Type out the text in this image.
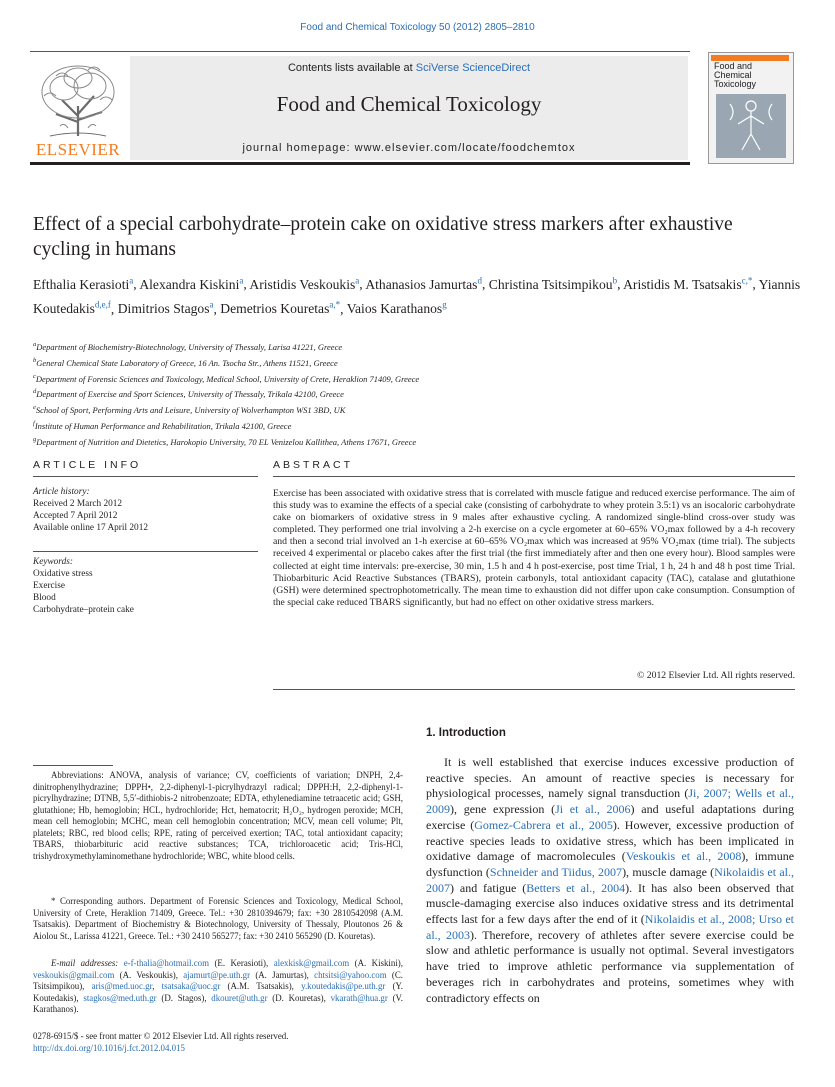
Food and Chemical Toxicology 50 (2012) 2805–2810
ELSEVIER
Contents lists available at SciVerse ScienceDirect
Food and Chemical Toxicology
journal homepage: www.elsevier.com/locate/foodchemtox
Food and Chemical Toxicology
Effect of a special carbohydrate–protein cake on oxidative stress markers after exhaustive cycling in humans
Efthalia Kerasioti$^a$, Alexandra Kiskini$^a$, Aristidis Veskoukis$^a$, Athanasios Jamurtas$^d$, Christina Tsitsimpikou$^b$, Aristidis M. Tsatsakis$^{c,*}$, Yiannis Koutedakis$^{d,e,f}$, Dimitrios Stagos$^a$, Demetrios Kouretas$^{a,*}$, Vaios Karathanos$^g$
$^a$Department of Biochemistry-Biotechnology, University of Thessaly, Larisa 41221, Greece
$^b$General Chemical State Laboratory of Greece, 16 An. Tsocha Str., Athens 11521, Greece
$^c$Department of Forensic Sciences and Toxicology, Medical School, University of Crete, Heraklion 71409, Greece
$^d$Department of Exercise and Sport Sciences, University of Thessaly, Trikala 42100, Greece
$^e$School of Sport, Performing Arts and Leisure, University of Wolverhampton WS1 3BD, UK
$^f$Institute of Human Performance and Rehabilitation, Trikala 42100, Greece
$^g$Department of Nutrition and Dietetics, Harokopio University, 70 EL Venizelou Kallithea, Athens 17671, Greece
ARTICLE INFO
Article history:
Received 2 March 2012
Accepted 7 April 2012
Available online 17 April 2012
Keywords:
Oxidative stress
Exercise
Blood
Carbohydrate–protein cake
ABSTRACT
Exercise has been associated with oxidative stress that is correlated with muscle fatigue and reduced exercise performance. The aim of this study was to examine the effects of a special cake (consisting of carbohydrate to whey protein 3.5:1) vs an isocaloric carbohydrate cake on biomarkers of oxidative stress in 9 males after exhaustive cycling. A randomized single-blind cross-over study was completed. They performed one trial involving a 2-h exercise on a cycle ergometer at 60–65% VO₂max followed by a 4-h recovery and then a second trial involved an 1-h exercise at 60–65% VO₂max which was increased at 95% VO₂max (time trial). The subjects received 4 experimental or placebo cakes after the first trial (the first immediately after and then one every hour). Blood samples were collected at eight time intervals: pre-exercise, 30 min, 1.5 h and 4 h post-exercise, post time Trial, 1 h, 24 h and 48 h post time Trial. Thiobarbituric Acid Reactive Substances (TBARS), protein carbonyls, total antioxidant capacity (TAC), catalase and glutathione (GSH) were determined spectrophotometrically. The mean time to exhaustion did not differ upon cake consumption. Consumption of the special cake reduced TBARS significantly, but had no effect on other oxidative stress markers.
© 2012 Elsevier Ltd. All rights reserved.
Abbreviations: ANOVA, analysis of variance; CV, coefficients of variation; DNPH, 2,4-dinitrophenylhydrazine; DPPH•, 2,2-diphenyl-1-picrylhydrazyl radical; DPPH:H, 2,2-diphenyl-1-picrylhydrazine; DTNB, 5,5′-dithiobis-2 nitrobenzoate; EDTA, ethylenediamine tetraacetic acid; GSH, glutathione; Hb, hemoglobin; HCL, hydrochloride; Hct, hematocrit; H₂O₂, hydrogen peroxide; MCH, mean cell hemoglobin; MCHC, mean cell hemoglobin concentration; MCV, mean cell volume; Plt, platelets; RBC, red blood cells; RPE, rating of perceived exertion; TAC, total antioxidant capacity; TBARS, thiobarbituric acid reactive substances; TCA, trichloroacetic acid; Tris-HCl, trishydroxymethylaminomethane hydrochloride; WBC, white blood cells.
* Corresponding authors. Department of Forensic Sciences and Toxicology, Medical School, University of Crete, Heraklion 71409, Greece. Tel.: +30 2810394679; fax: +30 2810542098 (A.M. Tsatsakis). Department of Biochemistry & Biotechnology, University of Thessaly, Ploutonos 26 & Aiolou St., Larissa 41221, Greece. Tel.: +30 2410 565277; fax: +30 2410 565290 (D. Kouretas).
E-mail addresses: e-f-thalia@hotmail.com (E. Kerasioti), alexkisk@gmail.com (A. Kiskini), veskoukis@gmail.com (A. Veskoukis), ajamurt@pe.uth.gr (A. Jamurtas), chtsitsi@yahoo.com (C. Tsitsimpikou), aris@med.uoc.gr, tsatsaka@uoc.gr (A.M. Tsatsakis), y.koutedakis@pe.uth.gr (Y. Koutedakis), stagkos@med.uth.gr (D. Stagos), dkouret@uth.gr (D. Kouretas), vkarath@hua.gr (V. Karathanos).
0278-6915/$ - see front matter © 2012 Elsevier Ltd. All rights reserved.
http://dx.doi.org/10.1016/j.fct.2012.04.015
1. Introduction
It is well established that exercise induces excessive production of reactive species. An amount of reactive species is necessary for physiological processes, namely signal transduction (Ji, 2007; Wells et al., 2009), gene expression (Ji et al., 2006) and useful adaptations during exercise (Gomez-Cabrera et al., 2005). However, excessive production of reactive species leads to oxidative stress, which has been implicated in oxidative damage of macromolecules (Veskoukis et al., 2008), immune dysfunction (Schneider and Tiidus, 2007), muscle damage (Nikolaidis et al., 2007) and fatigue (Betters et al., 2004). It has also been observed that muscle-damaging exercise also induces oxidative stress and its detrimental effects last for a few days after the end of it (Nikolaidis et al., 2008; Urso et al., 2003). Therefore, recovery of athletes after severe exercise could be slow and athletic performance is usually not optimal. Several investigators have tried to improve athletic performance via supplementation of beverages rich in carbohydrates and proteins, sometimes whey with contradictory effects on
